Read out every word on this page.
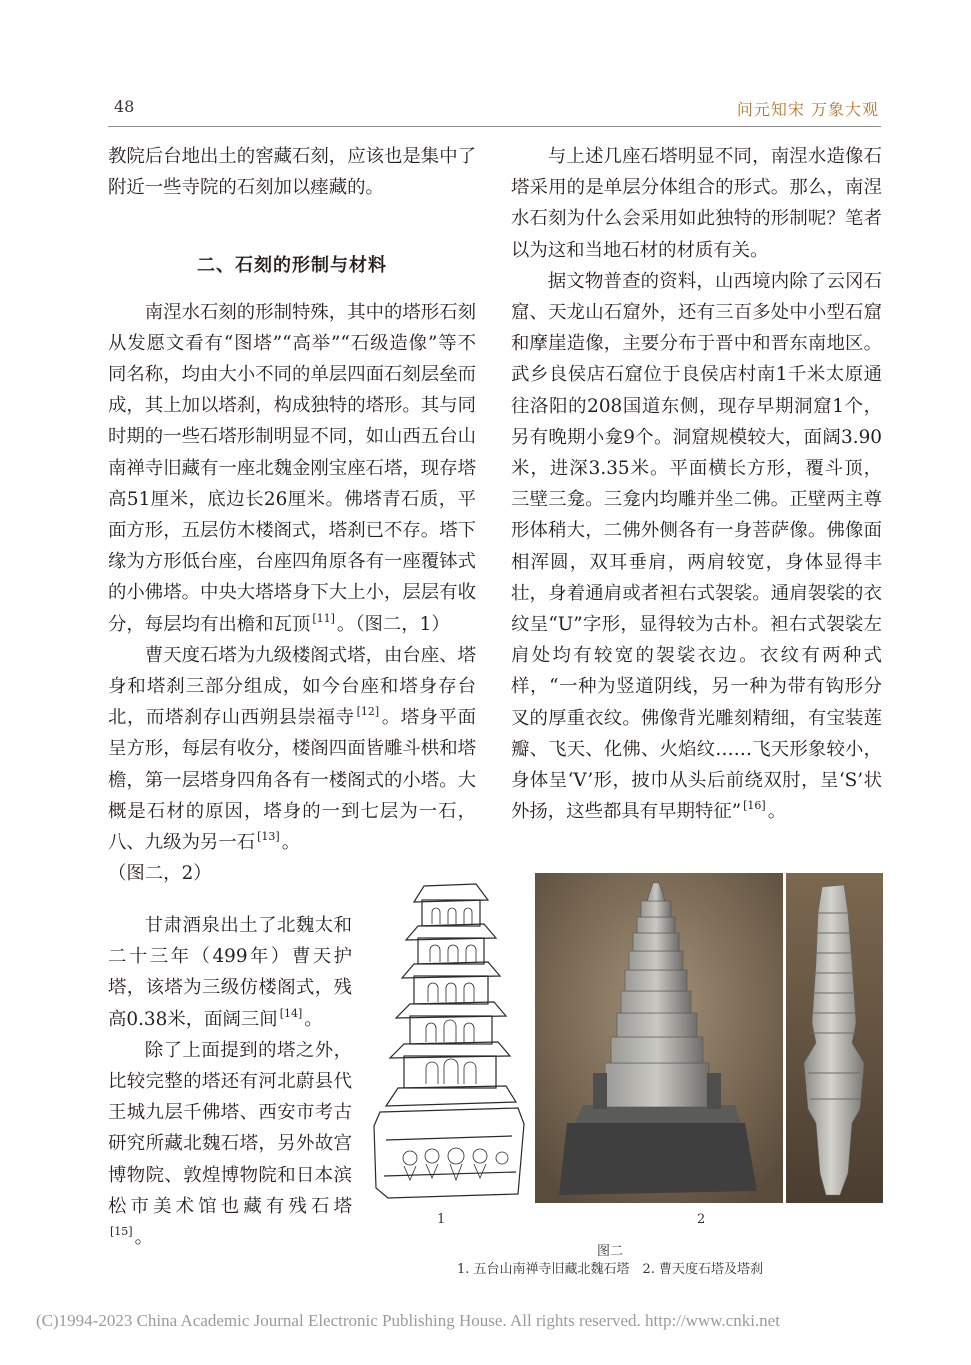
48	问元知宋 万象大观

教院后台地出土的窖藏石刻，应该也是集中了附近一些寺院的石刻加以瘗藏的。

二、石刻的形制与材料

南涅水石刻的形制特殊，其中的塔形石刻从发愿文看有“图塔”“高举”“石级造像”等不同名称，均由大小不同的单层四面石刻层垒而成，其上加以塔刹，构成独特的塔形。其与同时期的一些石塔形制明显不同，如山西五台山南禅寺旧藏有一座北魏金刚宝座石塔，现存塔高51厘米，底边长26厘米。佛塔青石质，平面方形，五层仿木楼阁式，塔刹已不存。塔下缘为方形低台座，台座四角原各有一座覆钵式的小佛塔。中央大塔塔身下大上小，层层有收分，每层均有出檐和瓦顶 [11] 。（图二，1）

曹天度石塔为九级楼阁式塔，由台座、塔身和塔刹三部分组成，如今台座和塔身存台北，而塔刹存山西朔县崇福寺 [12] 。塔身平面呈方形，每层有收分，楼阁四面皆雕斗栱和塔檐，第一层塔身四角各有一楼阁式的小塔。大概是石材的原因，塔身的一到七层为一石，八、九级为另一石 [13] 。
（图二，2）

甘肃酒泉出土了北魏太和二十三年（499年）曹天护塔，该塔为三级仿楼阁式，残高0.38米，面阔三间 [14] 。

除了上面提到的塔之外，比较完整的塔还有河北蔚县代王城九层千佛塔、西安市考古研究所藏北魏石塔，另外故宫博物院、敦煌博物院和日本滨松市美术馆也藏有残石塔[15] 。

与上述几座石塔明显不同，南涅水造像石塔采用的是单层分体组合的形式。那么，南涅水石刻为什么会采用如此独特的形制呢？笔者以为这和当地石材的材质有关。

据文物普查的资料，山西境内除了云冈石窟、天龙山石窟外，还有三百多处中小型石窟和摩崖造像，主要分布于晋中和晋东南地区。武乡良侯店石窟位于良侯店村南1千米太原通往洛阳的208国道东侧，现存早期洞窟1个，另有晚期小龛9个。洞窟规模较大，面阔3.90米，进深3.35米。平面横长方形，覆斗顶，三壁三龛。三龛内均雕并坐二佛。正壁两主尊形体稍大，二佛外侧各有一身菩萨像。佛像面相浑圆，双耳垂肩，两肩较宽，身体显得丰壮，身着通肩或者袒右式袈裟。通肩袈裟的衣纹呈“U”字形，显得较为古朴。袒右式袈裟左肩处均有较宽的袈裟衣边。衣纹有两种式样，“一种为竖道阴线，另一种为带有钩形分叉的厚重衣纹。佛像背光雕刻精细，有宝装莲瓣、飞天、化佛、火焰纹……飞天形象较小，身体呈‘V’形，披巾从头后前绕双肘，呈‘S’状外扬，这些都具有早期特征” [16] 。

1	2
图二
1. 五台山南禅寺旧藏北魏石塔　2. 曹天度石塔及塔刹
(C)1994-2023 China Academic Journal Electronic Publishing House. All rights reserved. http://www.cnki.net
